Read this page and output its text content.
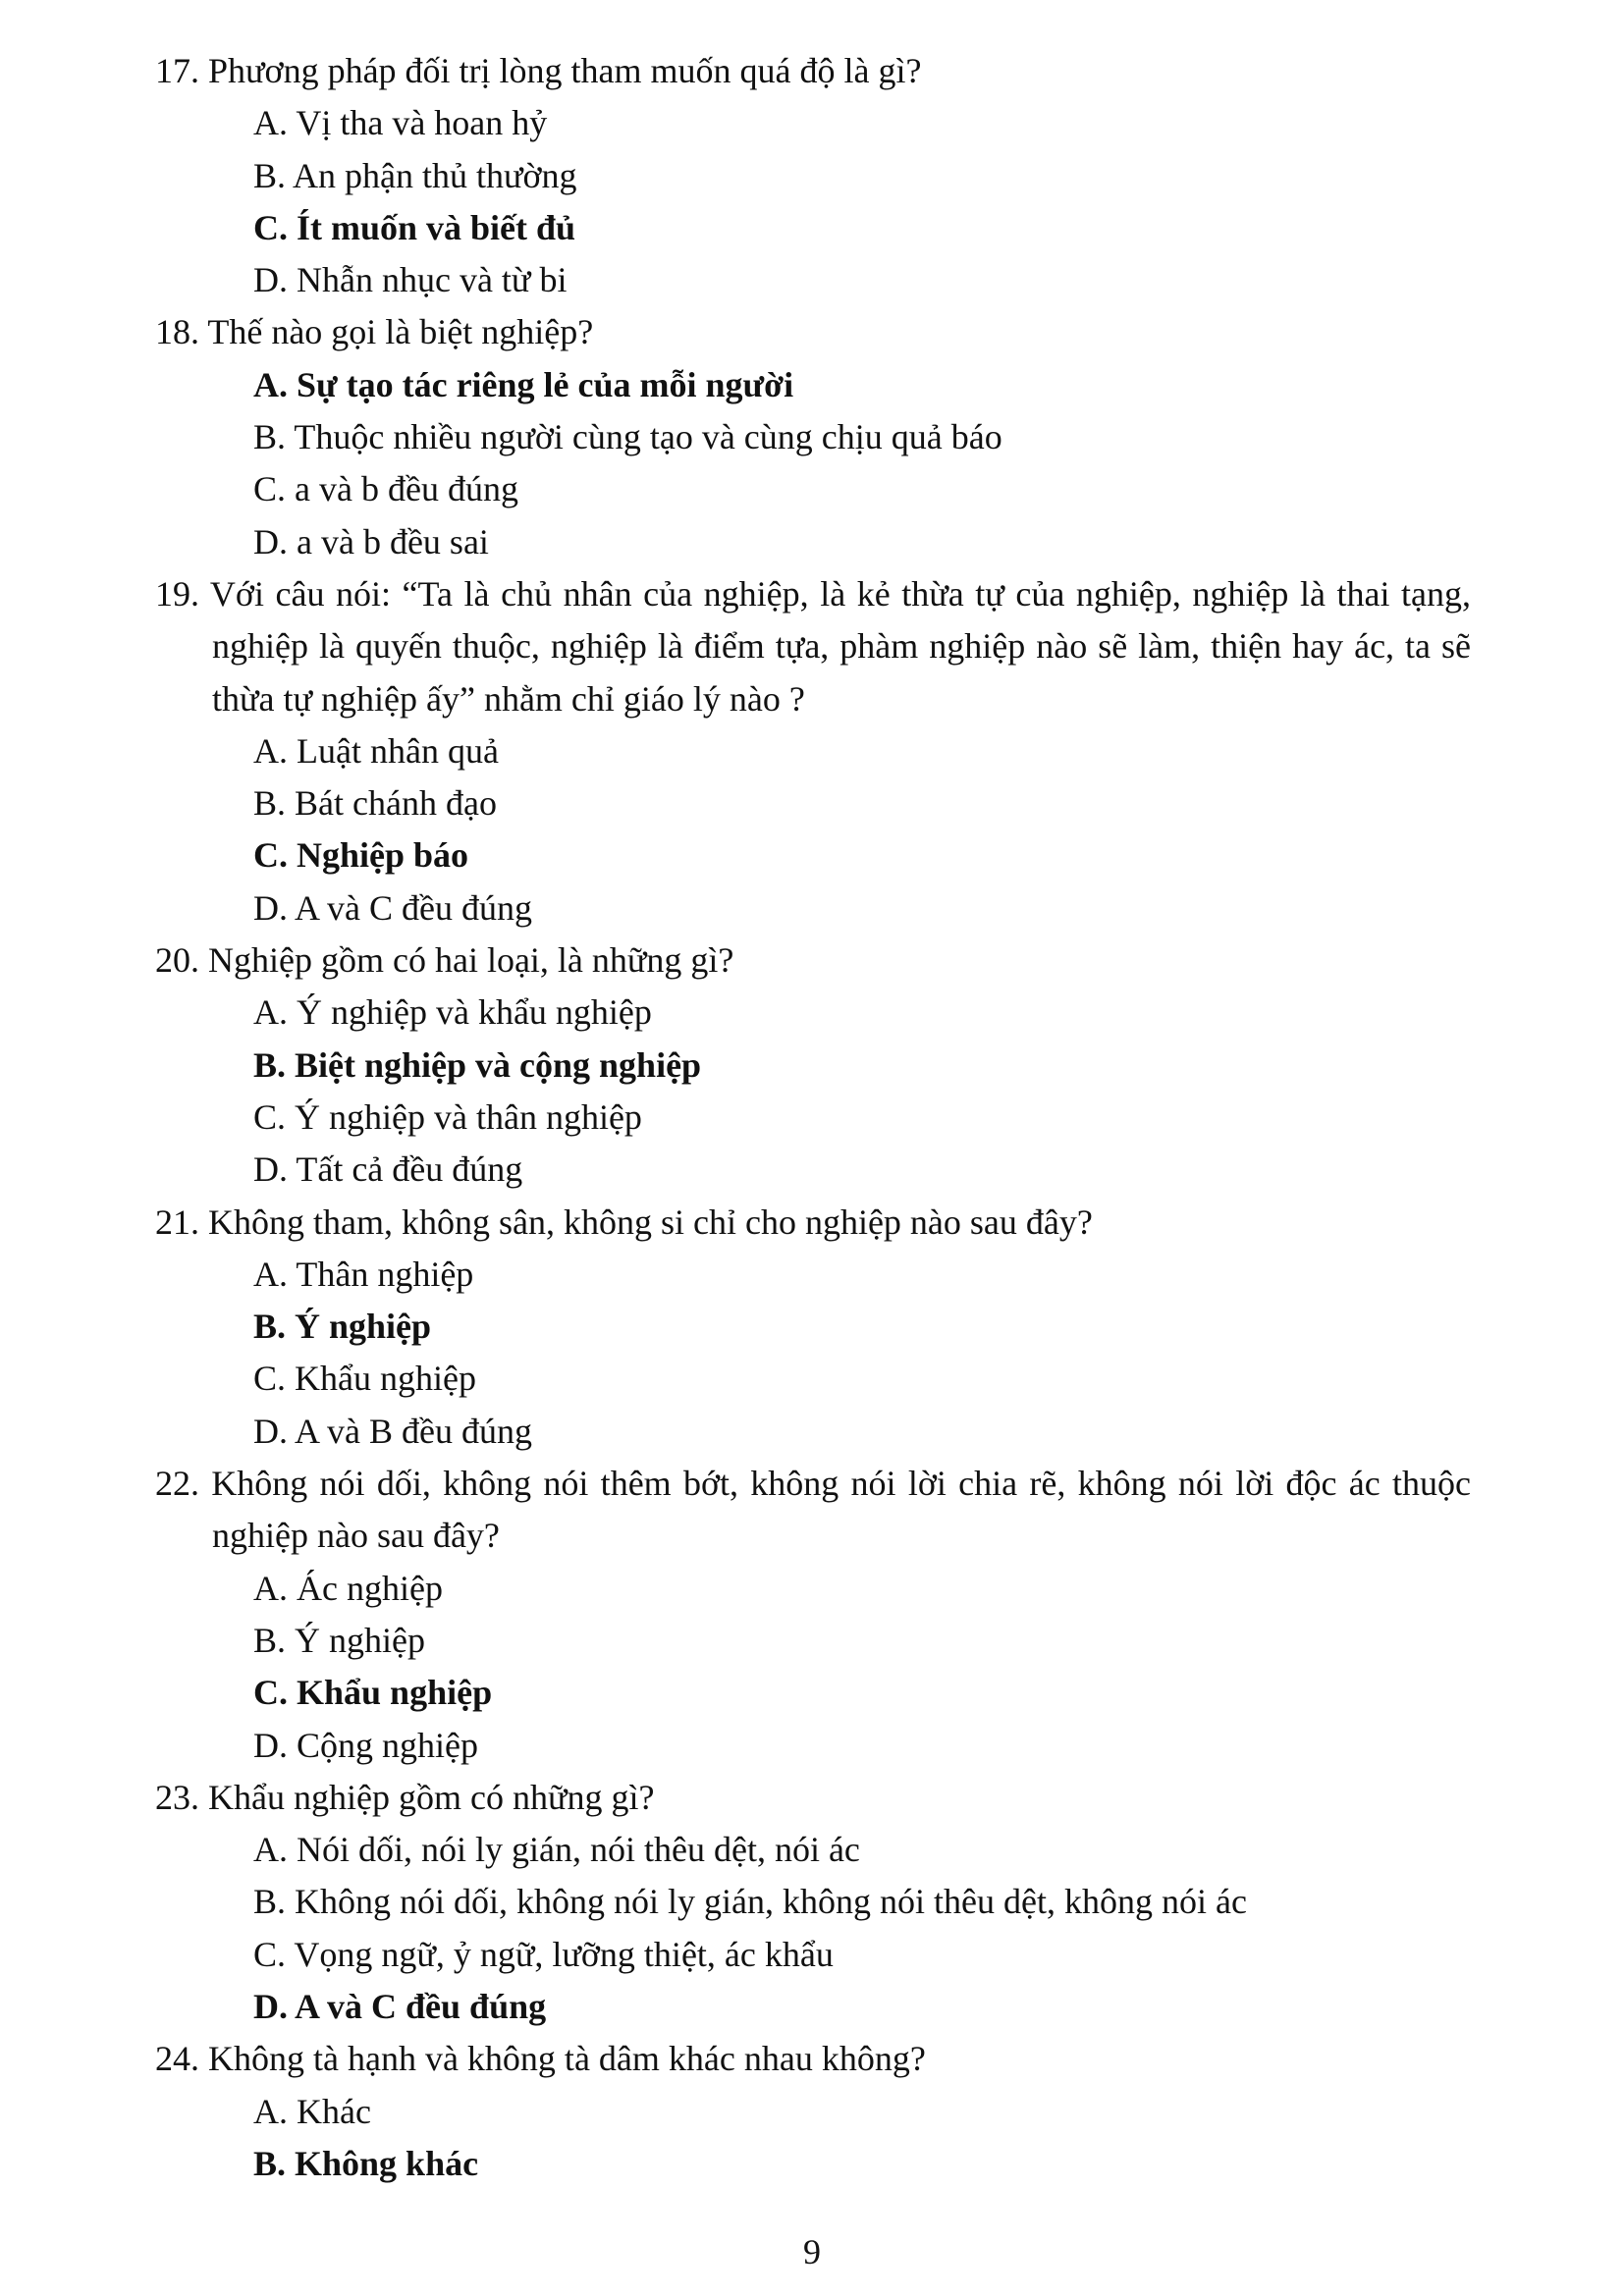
17. Phương pháp đối trị lòng tham muốn quá độ là gì?
A. Vị tha và hoan hỷ
B. An phận thủ thường
C. Ít muốn và biết đủ
D. Nhẫn nhục và từ bi
18. Thế nào gọi là biệt nghiệp?
A. Sự tạo tác riêng lẻ của mỗi người
B. Thuộc nhiều người cùng tạo và cùng chịu quả báo
C. a và b đều đúng
D. a và b đều sai
19. Với câu nói: “Ta là chủ nhân của nghiệp, là kẻ thừa tự của nghiệp, nghiệp là thai tạng, nghiệp là quyến thuộc, nghiệp là điểm tựa, phàm nghiệp nào sẽ làm, thiện hay ác, ta sẽ thừa tự nghiệp ấy” nhằm chỉ giáo lý nào ?
A. Luật nhân quả
B. Bát chánh đạo
C. Nghiệp báo
D. A và C đều đúng
20. Nghiệp gồm có hai loại, là những gì?
A. Ý nghiệp và khẩu nghiệp
B. Biệt nghiệp và cộng nghiệp
C. Ý nghiệp và thân nghiệp
D. Tất cả đều đúng
21. Không tham, không sân, không si chỉ cho nghiệp nào sau đây?
A. Thân nghiệp
B. Ý nghiệp
C. Khẩu nghiệp
D. A và B đều đúng
22. Không nói dối, không nói thêm bớt, không nói lời chia rẽ, không nói lời độc ác thuộc nghiệp nào sau đây?
A. Ác nghiệp
B. Ý nghiệp
C. Khẩu nghiệp
D. Cộng nghiệp
23. Khẩu nghiệp gồm có những gì?
A. Nói dối, nói ly gián, nói thêu dệt, nói ác
B. Không nói dối, không nói ly gián, không nói thêu dệt, không nói ác
C. Vọng ngữ, ỷ ngữ, lưỡng thiệt, ác khẩu
D. A và C đều đúng
24. Không tà hạnh và không tà dâm khác nhau không?
A. Khác
B. Không khác
9
